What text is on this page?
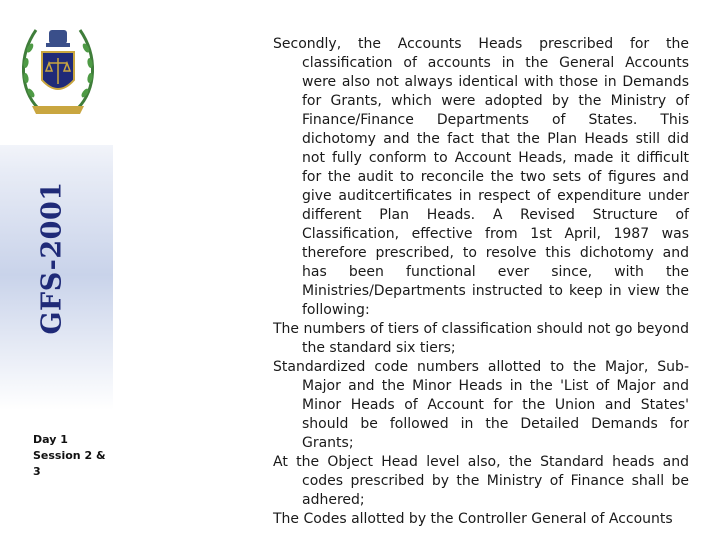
GFS-2001
Day 1
Session 2 &
3

Secondly, the Accounts Heads prescribed for the classification of accounts in the General Accounts were also not always identical with those in Demands for Grants, which were adopted by the Ministry of Finance/Finance Departments of States. This dichotomy and the fact that the Plan Heads still did not fully conform to Account Heads, made it difficult for the audit to reconcile the two sets of figures and give auditcertificates in respect of expenditure under different Plan Heads. A Revised Structure of Classification, effective from 1st April, 1987 was therefore prescribed, to resolve this dichotomy and has been functional ever since, with the Ministries/Departments instructed to keep in view the following:

The numbers of tiers of classification should not go beyond the standard six tiers;

Standardized code numbers allotted to the Major, Sub-Major and the Minor Heads in the 'List of Major and Minor Heads of Account for the Union and States' should be followed in the Detailed Demands for Grants;

At the Object Head level also, the Standard heads and codes prescribed by the Ministry of Finance shall be adhered;

The Codes allotted by the Controller General of Accounts
